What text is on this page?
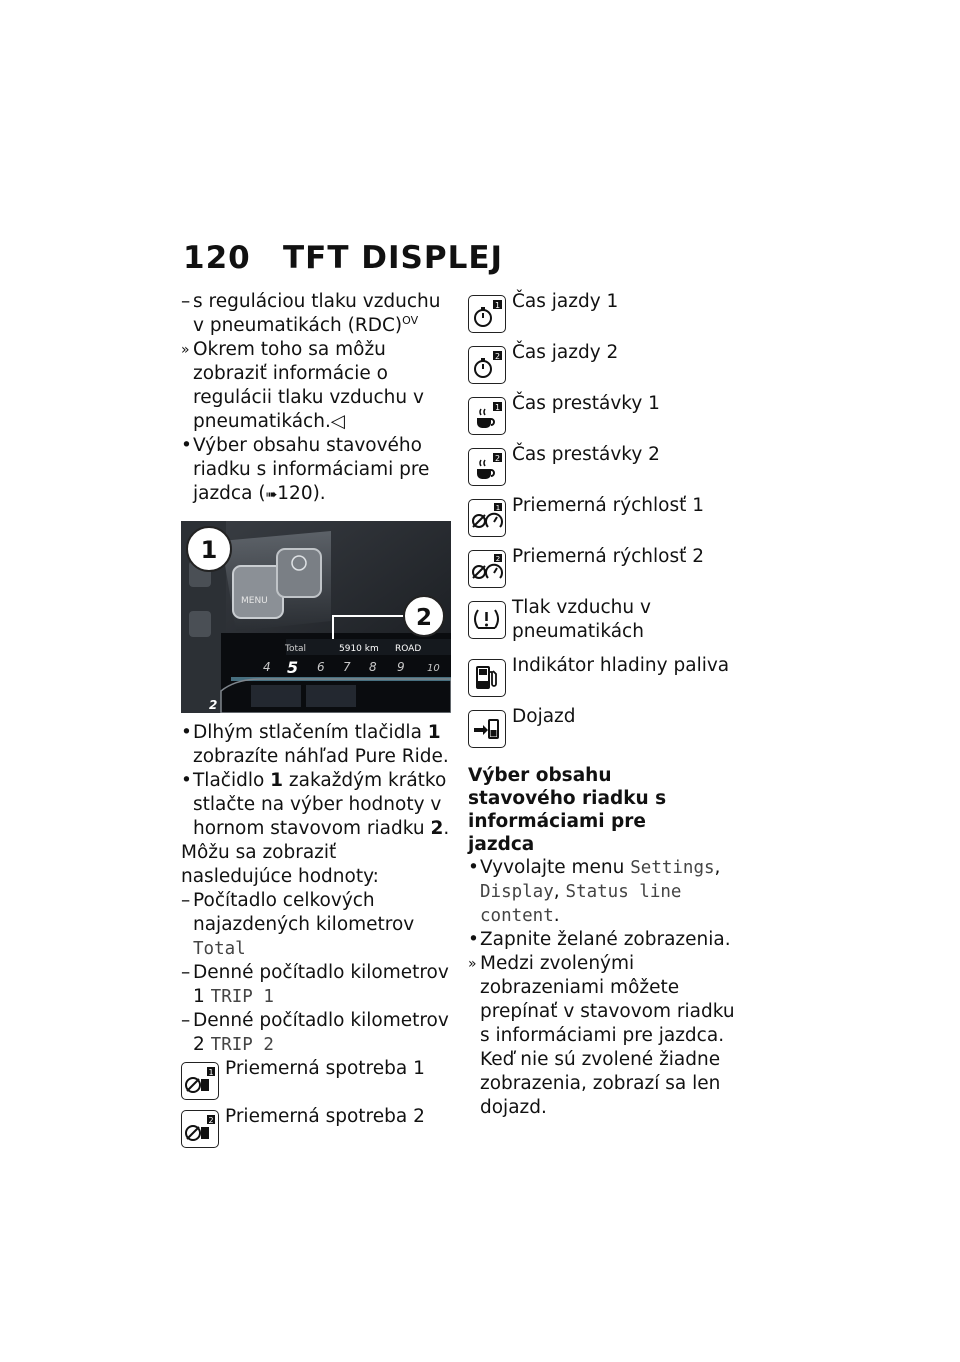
120 TFT DISPLEJ

– s reguláciou tlaku vzduchu v pneumatikách (RDC)$^{OV}$

» Okrem toho sa môžu zobraziť informácie o regulácii tlaku vzduchu v pneumatikách.◁

• Výber obsahu stavového riadku s informáciami pre jazdca (➠120).

MENU
Total	5910 km ROAD
4 5 6 7 8 9 10
2
1
2

• Dlhým stlačením tlačidla 1 zobrazíte náhľad Pure Ride.

• Tlačidlo 1 zakaždým krátko stlačte na výber hodnoty v hornom stavovom riadku 2.

Môžu sa zobraziť nasledujúce hodnoty:

– Počítadlo celkových najazdených kilometrov Total

– Denné počítadlo kilometrov 1 TRIP 1

– Denné počítadlo kilometrov 2 TRIP 2

1 Priemerná spotreba 1
2 Priemerná spotreba 2
1 Čas jazdy 1
2 Čas jazdy 2
1 Čas prestávky 1
2 Čas prestávky 2
1 Priemerná rýchlosť 1
2 Priemerná rýchlosť 2
Tlak vzduchu v pneumatikách
Indikátor hladiny paliva
Dojazd

Výber obsahu stavového riadku s informáciami pre jazdca

• Vyvolajte menu Settings, Display, Status line content.

• Zapnite želané zobrazenia.

» Medzi zvolenými zobrazeniami môžete prepínať v stavovom riadku s informáciami pre jazdca. Keď nie sú zvolené žiadne zobrazenia, zobrazí sa len dojazd.
